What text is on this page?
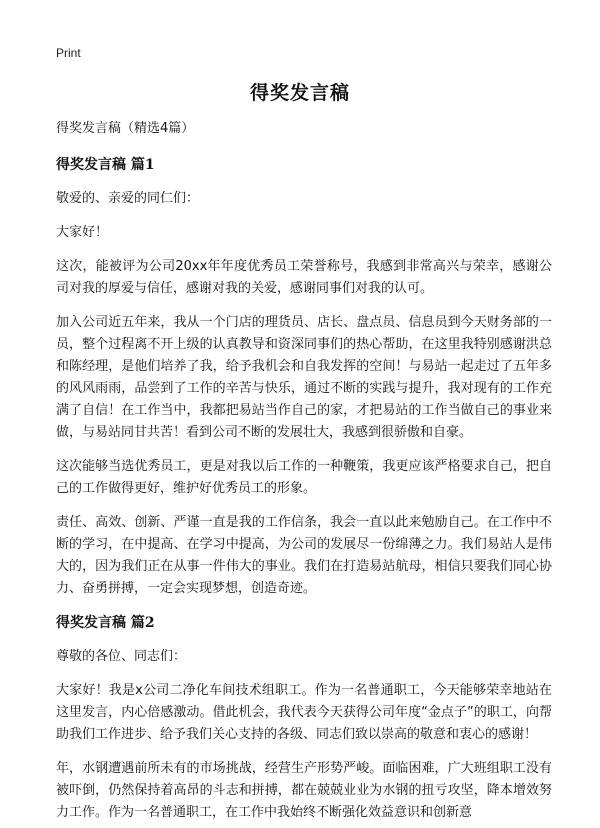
Print
得奖发言稿

得奖发言稿（精选4篇）

得奖发言稿 篇1

敬爱的、亲爱的同仁们：

大家好！

这次，能被评为公司20xx年年度优秀员工荣誉称号，我感到非常高兴与荣幸，感谢公司对我的厚爱与信任，感谢对我的关爱，感谢同事们对我的认可。

加入公司近五年来，我从一个门店的理货员、店长、盘点员、信息员到今天财务部的一员，整个过程离不开上级的认真教导和资深同事们的热心帮助，在这里我特别感谢洪总和陈经理，是他们培养了我，给予我机会和自我发挥的空间！与易站一起走过了五年多的风风雨雨，品尝到了工作的辛苦与快乐，通过不断的实践与提升，我对现有的工作充满了自信！在工作当中，我都把易站当作自己的家，才把易站的工作当做自己的事业来做，与易站同甘共苦！看到公司不断的发展壮大，我感到很骄傲和自豪。

这次能够当选优秀员工，更是对我以后工作的一种鞭策，我更应该严格要求自己，把自己的工作做得更好，维护好优秀员工的形象。

责任、高效、创新、严谨一直是我的工作信条，我会一直以此来勉励自己。在工作中不断的学习，在中提高、在学习中提高，为公司的发展尽一份绵薄之力。我们易站人是伟大的，因为我们正在从事一件伟大的事业。我们在打造易站航母，相信只要我们同心协力、奋勇拼搏，一定会实现梦想，创造奇迹。

得奖发言稿 篇2

尊敬的各位、同志们：

大家好！我是x公司二净化车间技术组职工。作为一名普通职工，今天能够荣幸地站在这里发言，内心倍感激动。借此机会，我代表今天获得公司年度“金点子”的职工，向帮助我们工作进步、给予我们关心支持的各级、同志们致以崇高的敬意和衷心的感谢！

年，水钢遭遇前所未有的市场挑战，经营生产形势严峻。面临困难，广大班组职工没有被吓倒，仍然保持着高昂的斗志和拼搏，都在兢兢业业为水钢的扭亏攻坚，降本增效努力工作。作为一名普通职工，在工作中我始终不断强化效益意识和创新意
